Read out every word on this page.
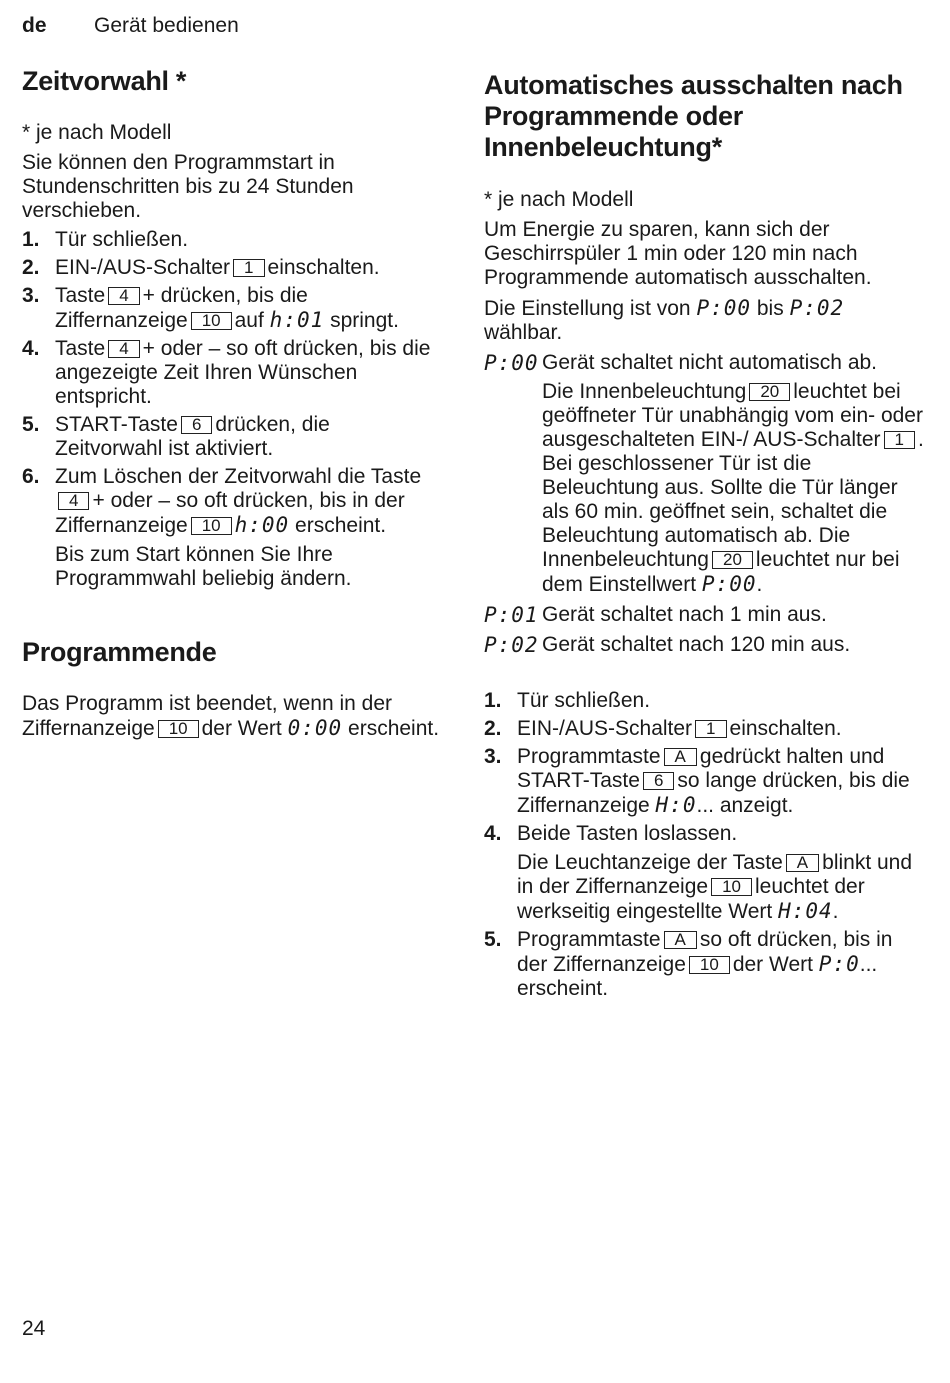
de Gerät bedienen
Zeitvorwahl *

* je nach Modell

Sie können den Programmstart in Stundenschritten bis zu 24 Stunden verschieben.

1. Tür schließen.
2. EIN-/AUS-Schalter 1 einschalten.
3. Taste 4 + drücken, bis die Ziffernanzeige 10 auf h:01 springt.
4. Taste 4 + oder – so oft drücken, bis die angezeigte Zeit Ihren Wünschen entspricht.
5. START-Taste 6 drücken, die Zeitvorwahl ist aktiviert.
6. Zum Löschen der Zeitvorwahl die Taste4 + oder – so oft drücken, bis in der Ziffernanzeige 10 h:00 erscheint.

Bis zum Start können Sie Ihre Programmwahl beliebig ändern.

Programmende

Das Programm ist beendet, wenn in der Ziffernanzeige 10 der Wert 0:00 erscheint.

Automatisches ausschalten nach Programmende oder Innenbeleuchtung*

* je nach Modell

Um Energie zu sparen, kann sich der Geschirrspüler 1 min oder 120 min nach Programmende automatisch ausschalten.

Die Einstellung ist von P:00 bis P:02 wählbar.

P:00 Gerät schaltet nicht automatisch ab.

Die Innenbeleuchtung 20 leuchtet bei geöffneter Tür unabhängig vom ein- oder ausgeschalteten EIN-/ AUS-Schalter 1 . Bei geschlossener Tür ist die Beleuchtung aus. Sollte die Tür länger als 60 min. geöffnet sein, schaltet die Beleuchtung automatisch ab. Die Innenbeleuchtung 20 leuchtet nur bei dem Einstellwert P:00.

P:01 Gerät schaltet nach 1 min aus.
P:02 Gerät schaltet nach 120 min aus.
1. Tür schließen.
2. EIN-/AUS-Schalter 1 einschalten.
3. Programmtaste A gedrückt halten und START-Taste 6 so lange drücken, bis die Ziffernanzeige H:0... anzeigt.
4. Beide Tasten loslassen.

Die Leuchtanzeige der Taste A blinkt und in der Ziffernanzeige 10 leuchtet der werkseitig eingestellte Wert H:04.

5. Programmtaste A so oft drücken, bis in der Ziffernanzeige 10 der Wert P:0... erscheint.
24
